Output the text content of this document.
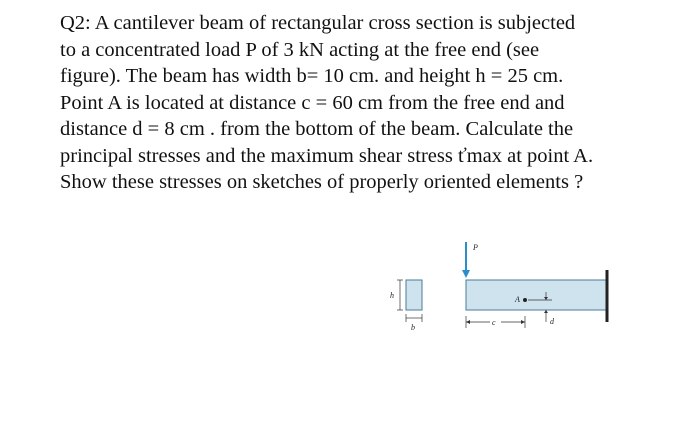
Q2: A cantilever beam of rectangular cross section is subjected
to a concentrated load P of 3 kN acting at the free end (see
figure). The beam has width b= 10 cm. and height h = 25 cm.
Point A is located at distance c = 60 cm from the free end and
distance d = 8 cm . from the bottom of the beam. Calculate the
principal stresses and the maximum shear stress ťmax at point A.
Show these stresses on sketches of properly oriented elements ?
h
b
P
A
d
c
